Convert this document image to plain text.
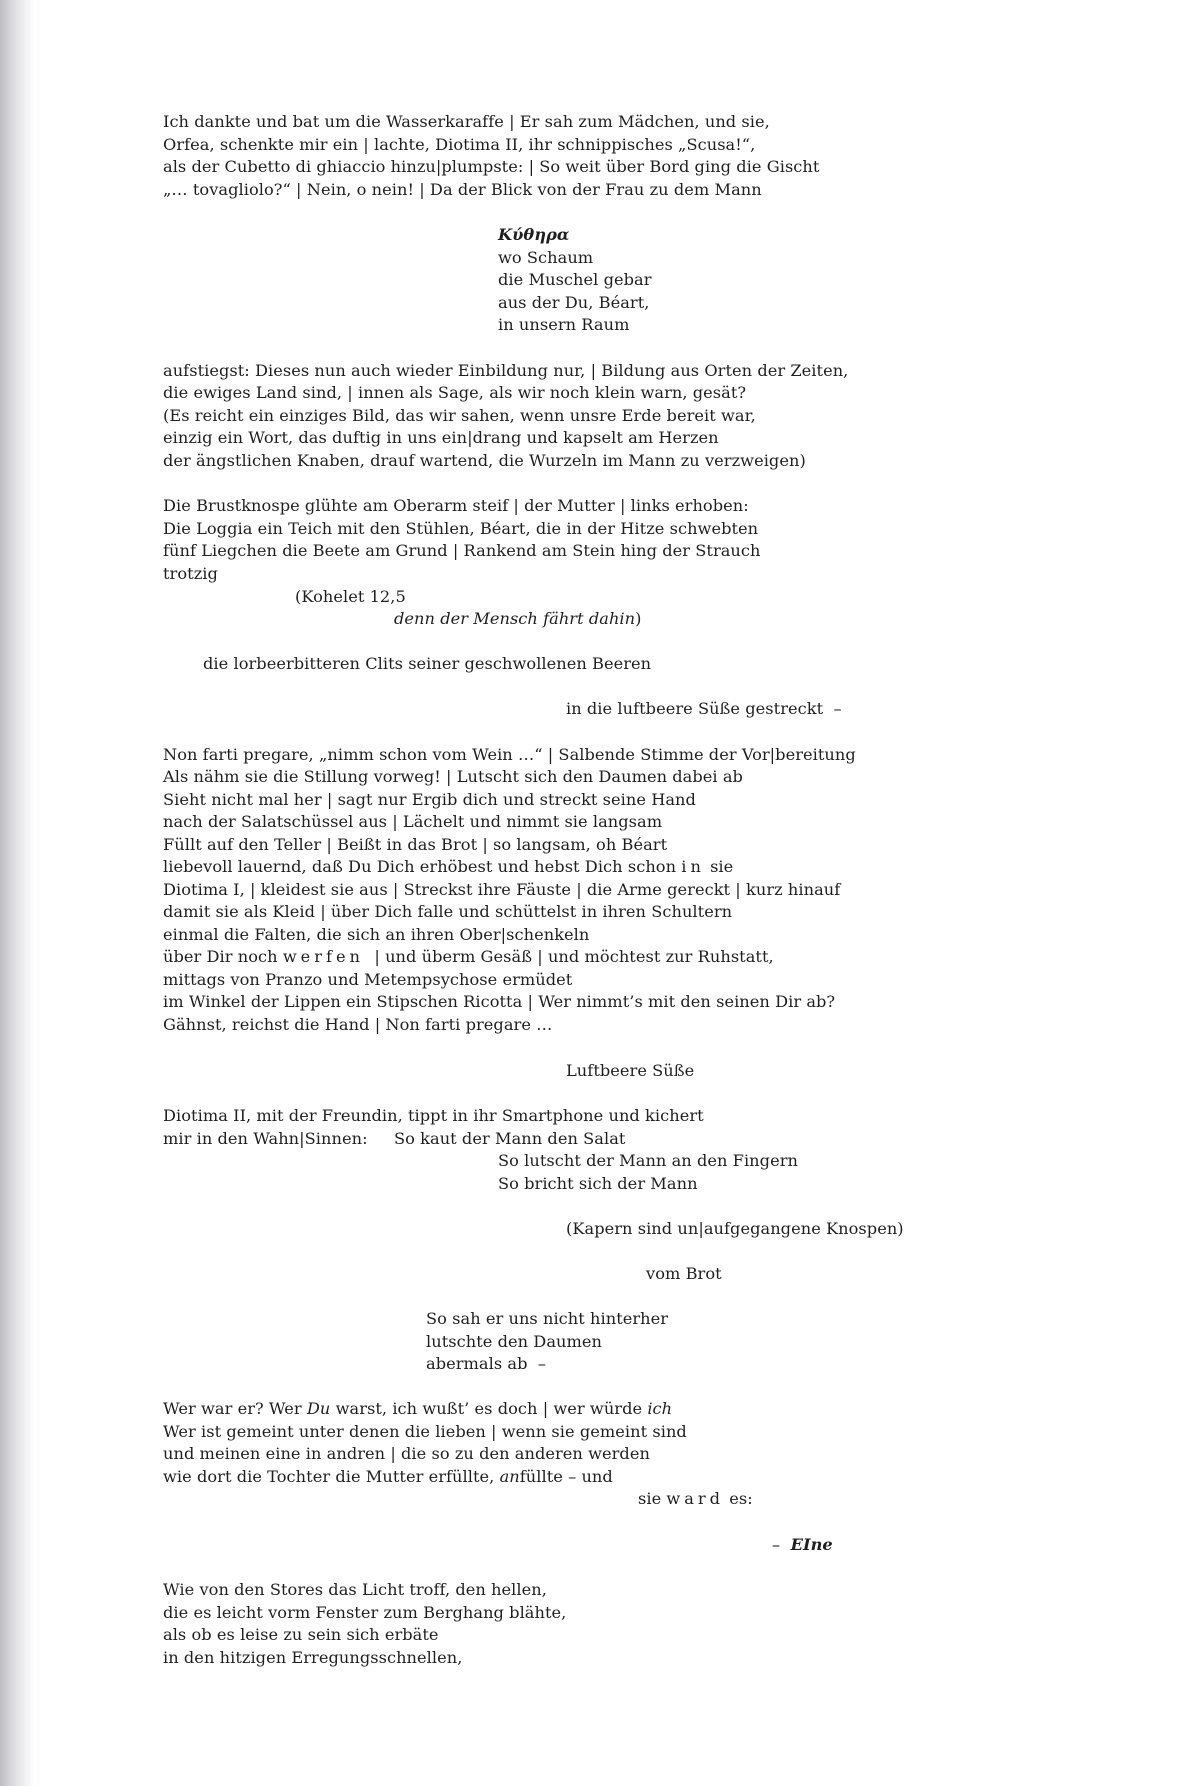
Ich dankte und bat um die Wasserkaraffe | Er sah zum Mädchen, und sie,
Orfea, schenkte mir ein | lachte, Diotima II, ihr schnippisches „Scusa!“,
als der Cubetto di ghiaccio hinzu|plumpste: | So weit über Bord ging die Gischt
„… tovagliolo?“ | Nein, o nein! | Da der Blick von der Frau zu dem Mann
Κύθηρα
wo Schaum
die Muschel gebar
aus der Du, Béart,
in unsern Raum
aufstiegst: Dieses nun auch wieder Einbildung nur, | Bildung aus Orten der Zeiten,
die ewiges Land sind, | innen als Sage, als wir noch klein warn, gesät?
(Es reicht ein einziges Bild, das wir sahen, wenn unsre Erde bereit war,
einzig ein Wort, das duftig in uns ein|drang und kapselt am Herzen
der ängstlichen Knaben, drauf wartend, die Wurzeln im Mann zu verzweigen)
Die Brustknospe glühte am Oberarm steif | der Mutter | links erhoben:
Die Loggia ein Teich mit den Stühlen, Béart, die in der Hitze schwebten
fünf Liegchen die Beete am Grund | Rankend am Stein hing der Strauch
trotzig
(Kohelet 12,5
denn der Mensch fährt dahin)
die lorbeerbitteren Clits seiner geschwollenen Beeren
in die luftbeere Süße gestreckt  –
Non farti pregare, „nimm schon vom Wein …“ | Salbende Stimme der Vor|bereitung
Als nähm sie die Stillung vorweg! | Lutscht sich den Daumen dabei ab
Sieht nicht mal her | sagt nur Ergib dich und streckt seine Hand
nach der Salatschüssel aus | Lächelt und nimmt sie langsam
Füllt auf den Teller | Beißt in das Brot | so langsam, oh Béart
liebevoll lauernd, daß Du Dich erhöbest und hebst Dich schon in sie
Diotima I, | kleidest sie aus | Streckst ihre Fäuste | die Arme gereckt | kurz hinauf
damit sie als Kleid | über Dich falle und schüttelst in ihren Schultern
einmal die Falten, die sich an ihren Ober|schenkeln
über Dir noch werfen  | und überm Gesäß | und möchtest zur Ruhstatt,
mittags von Pranzo und Metempsychose ermüdet
im Winkel der Lippen ein Stipschen Ricotta | Wer nimmt’s mit den seinen Dir ab?
Gähnst, reichst die Hand | Non farti pregare …
Luftbeere Süße
Diotima II, mit der Freundin, tippt in ihr Smartphone und kichert
mir in den Wahn|Sinnen: So kaut der Mann den Salat
So lutscht der Mann an den Fingern
So bricht sich der Mann
(Kapern sind un|aufgegangene Knospen)
vom Brot
So sah er uns nicht hinterher
lutschte den Daumen
abermals ab  –
Wer war er? Wer Du warst, ich wußt’ es doch | wer würde ich
Wer ist gemeint unter denen die lieben | wenn sie gemeint sind
und meinen eine in andren | die so zu den anderen werden
wie dort die Tochter die Mutter erfüllte, anfüllte – und
sie ward es:
– EIne
Wie von den Stores das Licht troff, den hellen,
die es leicht vorm Fenster zum Berghang blähte,
als ob es leise zu sein sich erbäte
in den hitzigen Erregungsschnellen,
